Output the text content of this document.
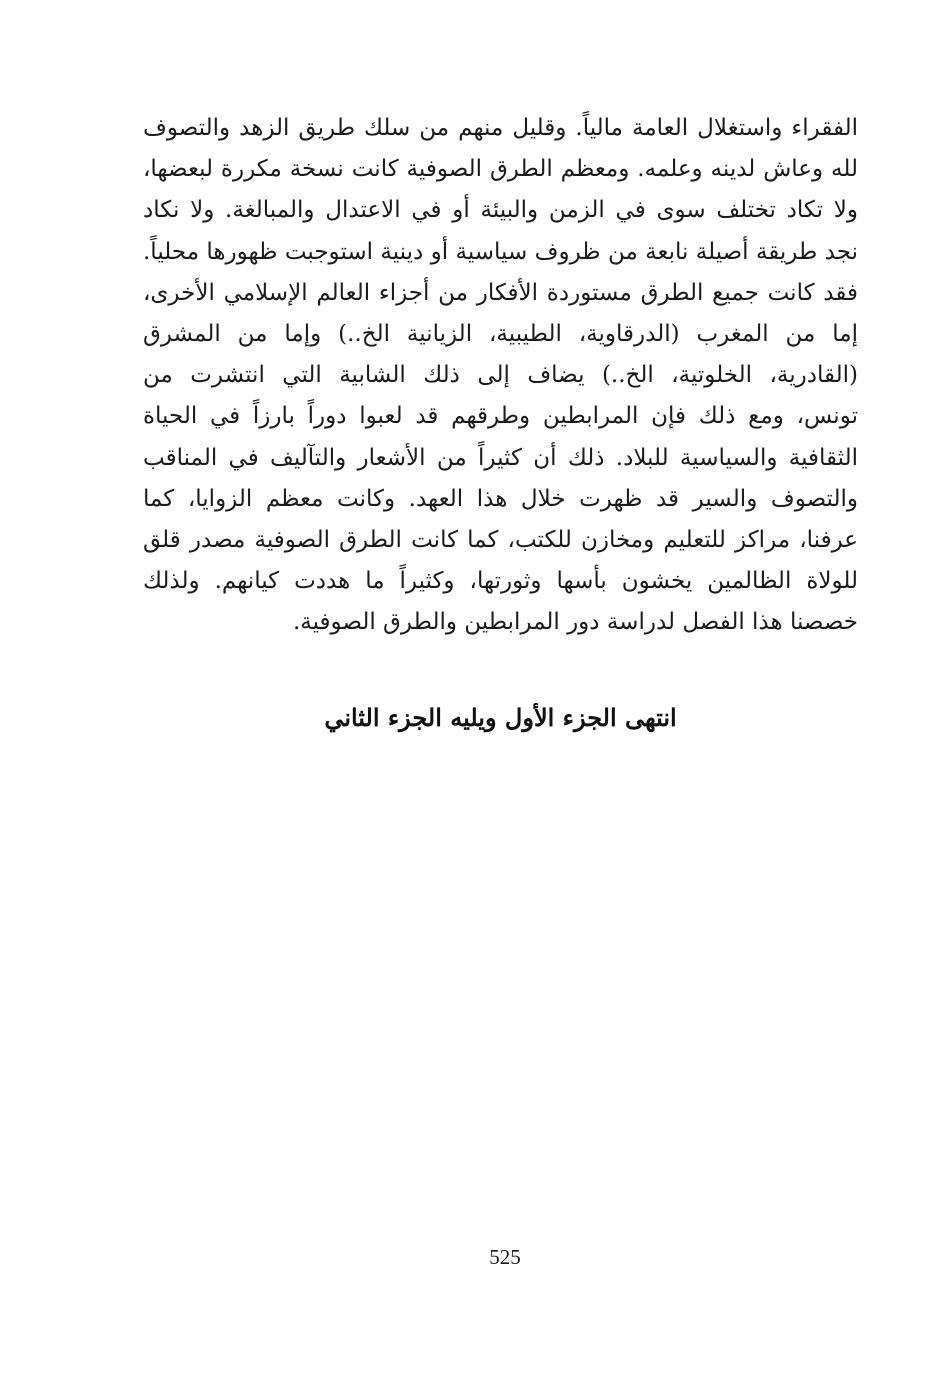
الفقراء واستغلال العامة مالياً. وقليل منهم من سلك طريق الزهد والتصوف
لله وعاش لدينه وعلمه. ومعظم الطرق الصوفية كانت نسخة مكررة لبعضها،
ولا تكاد تختلف سوى في الزمن والبيئة أو في الاعتدال والمبالغة. ولا نكاد
نجد طريقة أصيلة نابعة من ظروف سياسية أو دينية استوجبت ظهورها محلياً.
فقد كانت جميع الطرق مستوردة الأفكار من أجزاء العالم الإسلامي الأخرى،
إما من المغرب (الدرقاوية، الطيبية، الزيانية الخ..) وإما من المشرق
(القادرية، الخلوتية، الخ..) يضاف إلى ذلك الشابية التي انتشرت من
تونس، ومع ذلك فإن المرابطين وطرقهم قد لعبوا دوراً بارزاً في الحياة
الثقافية والسياسية للبلاد. ذلك أن كثيراً من الأشعار والتآليف في المناقب
والتصوف والسير قد ظهرت خلال هذا العهد. وكانت معظم الزوايا، كما
عرفنا، مراكز للتعليم ومخازن للكتب، كما كانت الطرق الصوفية مصدر قلق
للولاة الظالمين يخشون بأسها وثورتها، وكثيراً ما هددت كيانهم. ولذلك
خصصنا هذا الفصل لدراسة دور المرابطين والطرق الصوفية.
انتهى الجزء الأول ويليه الجزء الثاني
525
